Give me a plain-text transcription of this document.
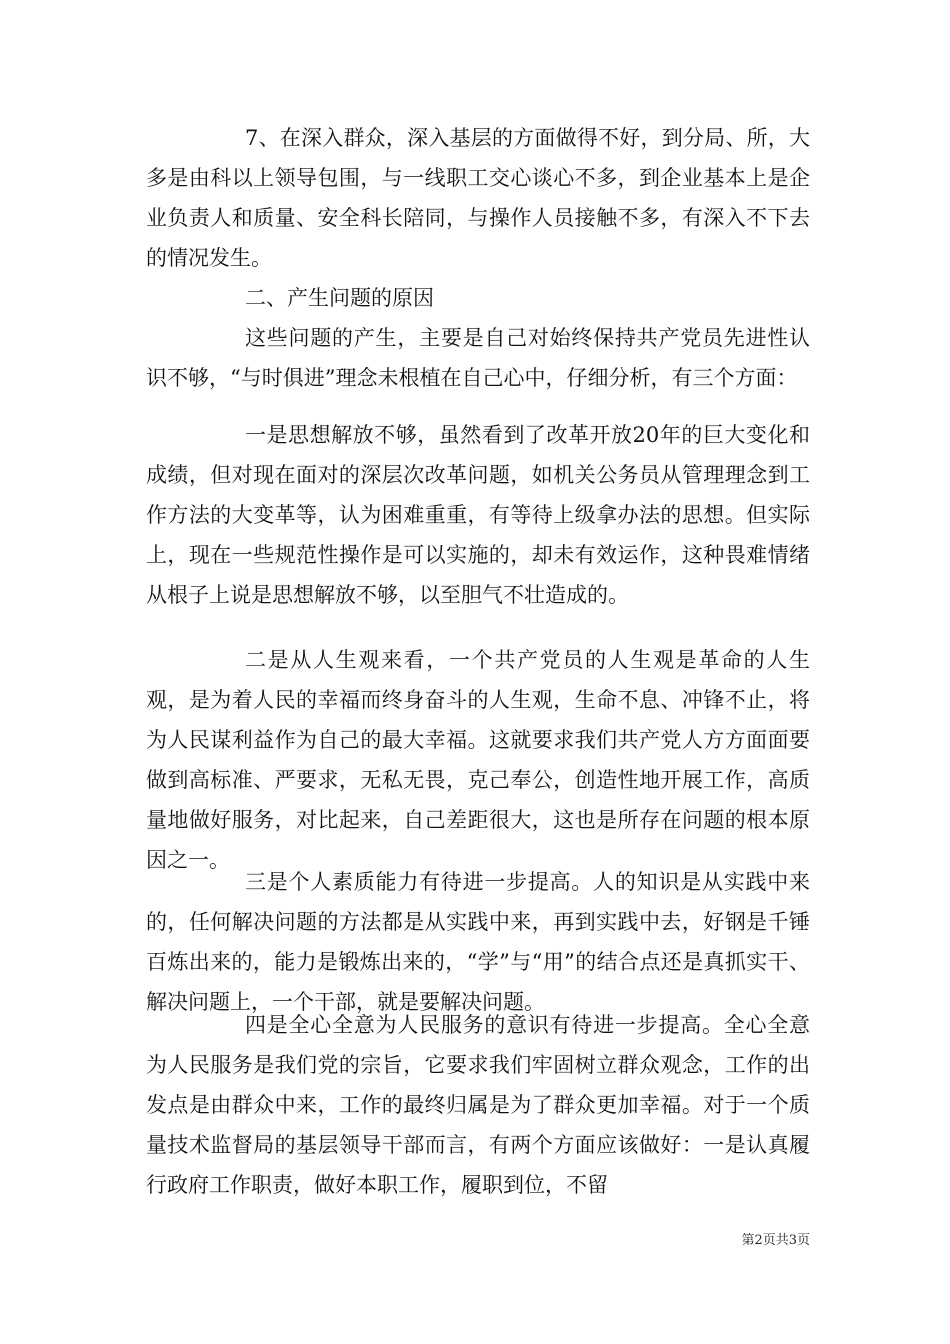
7、在深入群众，深入基层的方面做得不好，到分局、所，大多是由科以上领导包围，与一线职工交心谈心不多，到企业基本上是企业负责人和质量、安全科长陪同，与操作人员接触不多，有深入不下去的情况发生。

二、产生问题的原因

这些问题的产生，主要是自己对始终保持共产党员先进性认识不够，“与时俱进”理念未根植在自己心中，仔细分析，有三个方面：

一是思想解放不够，虽然看到了改革开放20年的巨大变化和成绩，但对现在面对的深层次改革问题，如机关公务员从管理理念到工作方法的大变革等，认为困难重重，有等待上级拿办法的思想。但实际上，现在一些规范性操作是可以实施的，却未有效运作，这种畏难情绪从根子上说是思想解放不够，以至胆气不壮造成的。

二是从人生观来看，一个共产党员的人生观是革命的人生观，是为着人民的幸福而终身奋斗的人生观，生命不息、冲锋不止，将为人民谋利益作为自己的最大幸福。这就要求我们共产党人方方面面要做到高标准、严要求，无私无畏，克己奉公，创造性地开展工作，高质量地做好服务，对比起来，自己差距很大，这也是所存在问题的根本原因之一。

三是个人素质能力有待进一步提高。人的知识是从实践中来的，任何解决问题的方法都是从实践中来，再到实践中去，好钢是千锤百炼出来的，能力是锻炼出来的，“学”与“用”的结合点还是真抓实干、解决问题上，一个干部，就是要解决问题。

四是全心全意为人民服务的意识有待进一步提高。全心全意为人民服务是我们党的宗旨，它要求我们牢固树立群众观念，工作的出发点是由群众中来，工作的最终归属是为了群众更加幸福。对于一个质量技术监督局的基层领导干部而言，有两个方面应该做好：一是认真履行政府工作职责，做好本职工作，履职到位，不留

第2页共3页
